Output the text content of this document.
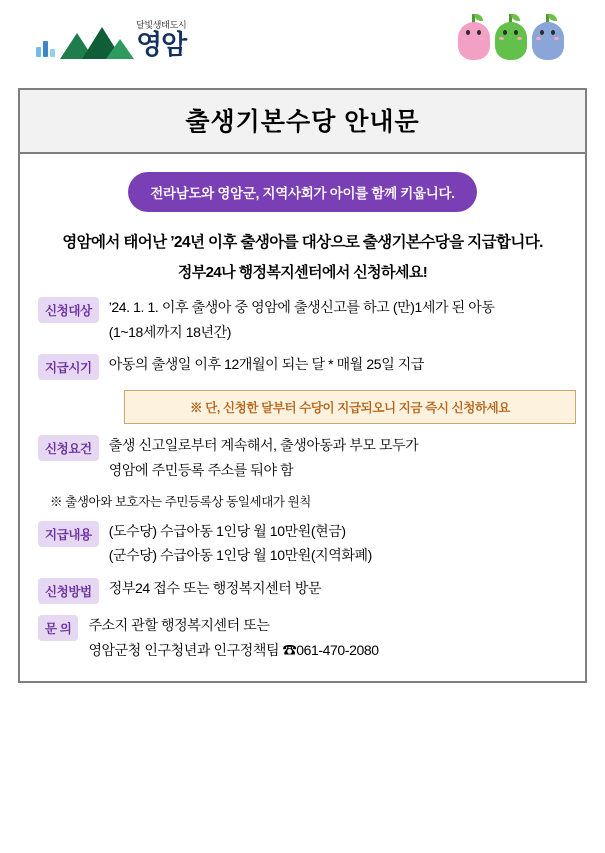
달빛생태도시
영암
출생기본수당 안내문
전라남도와 영암군, 지역사회가 아이를 함께 키웁니다.
영암에서 태어난 ’24년 이후 출생아를 대상으로 출생기본수당을 지급합니다.
정부24나 행정복지센터에서 신청하세요!
신청대상	’24. 1. 1. 이후 출생아 중 영암에 출생신고를 하고 (만)1세가 된 아동
(1~18세까지 18년간)
지급시기	아동의 출생일 이후 12개월이 되는 달 * 매월 25일 지급
※ 단, 신청한 달부터 수당이 지급되오니 지금 즉시 신청하세요
신청요건	출생 신고일로부터 계속해서, 출생아동과 부모 모두가
영암에 주민등록 주소를 둬야 함
※ 출생아와 보호자는 주민등록상 동일세대가 원칙
지급내용	(도수당) 수급아동 1인당 월 10만원(현금)
(군수당) 수급아동 1인당 월 10만원(지역화폐)
신청방법	정부24 접수 또는 행정복지센터 방문
문 의	주소지 관할 행정복지센터 또는
영암군청 인구청년과 인구정책팀 ☎061-470-2080
